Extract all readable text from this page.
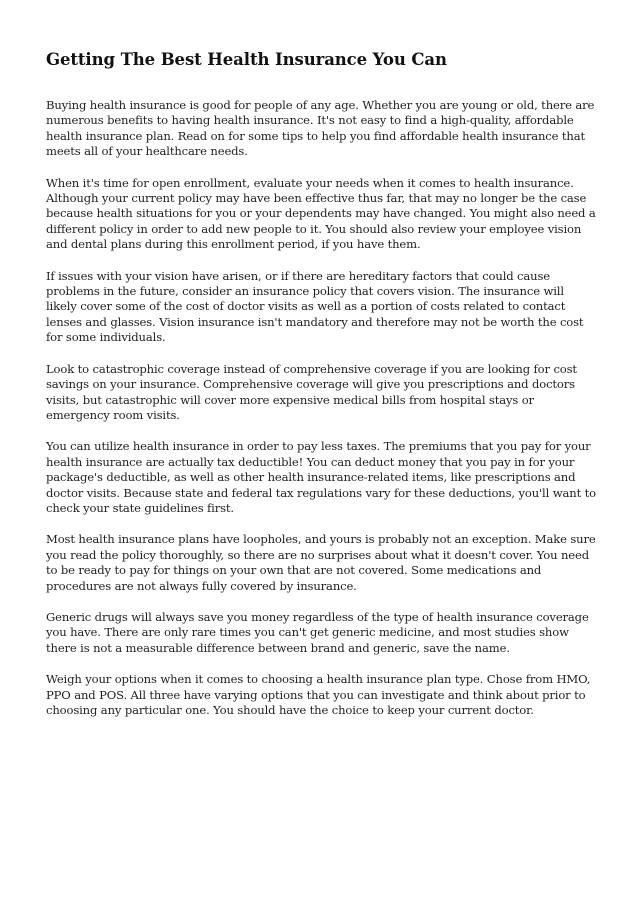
Getting The Best Health Insurance You Can

Buying health insurance is good for people of any age. Whether you are young or old, there are numerous benefits to having health insurance. It's not easy to find a high-quality, affordable health insurance plan. Read on for some tips to help you find affordable health insurance that meets all of your healthcare needs.

When it's time for open enrollment, evaluate your needs when it comes to health insurance. Although your current policy may have been effective thus far, that may no longer be the case because health situations for you or your dependents may have changed. You might also need a different policy in order to add new people to it. You should also review your employee vision and dental plans during this enrollment period, if you have them.

If issues with your vision have arisen, or if there are hereditary factors that could cause problems in the future, consider an insurance policy that covers vision. The insurance will likely cover some of the cost of doctor visits as well as a portion of costs related to contact lenses and glasses. Vision insurance isn't mandatory and therefore may not be worth the cost for some individuals.

Look to catastrophic coverage instead of comprehensive coverage if you are looking for cost savings on your insurance. Comprehensive coverage will give you prescriptions and doctors visits, but catastrophic will cover more expensive medical bills from hospital stays or emergency room visits.

You can utilize health insurance in order to pay less taxes. The premiums that you pay for your health insurance are actually tax deductible! You can deduct money that you pay in for your package's deductible, as well as other health insurance-related items, like prescriptions and doctor visits. Because state and federal tax regulations vary for these deductions, you'll want to check your state guidelines first.

Most health insurance plans have loopholes, and yours is probably not an exception. Make sure you read the policy thoroughly, so there are no surprises about what it doesn't cover. You need to be ready to pay for things on your own that are not covered. Some medications and procedures are not always fully covered by insurance.

Generic drugs will always save you money regardless of the type of health insurance coverage you have. There are only rare times you can't get generic medicine, and most studies show there is not a measurable difference between brand and generic, save the name.

Weigh your options when it comes to choosing a health insurance plan type. Chose from HMO, PPO and POS. All three have varying options that you can investigate and think about prior to choosing any particular one. You should have the choice to keep your current doctor.
